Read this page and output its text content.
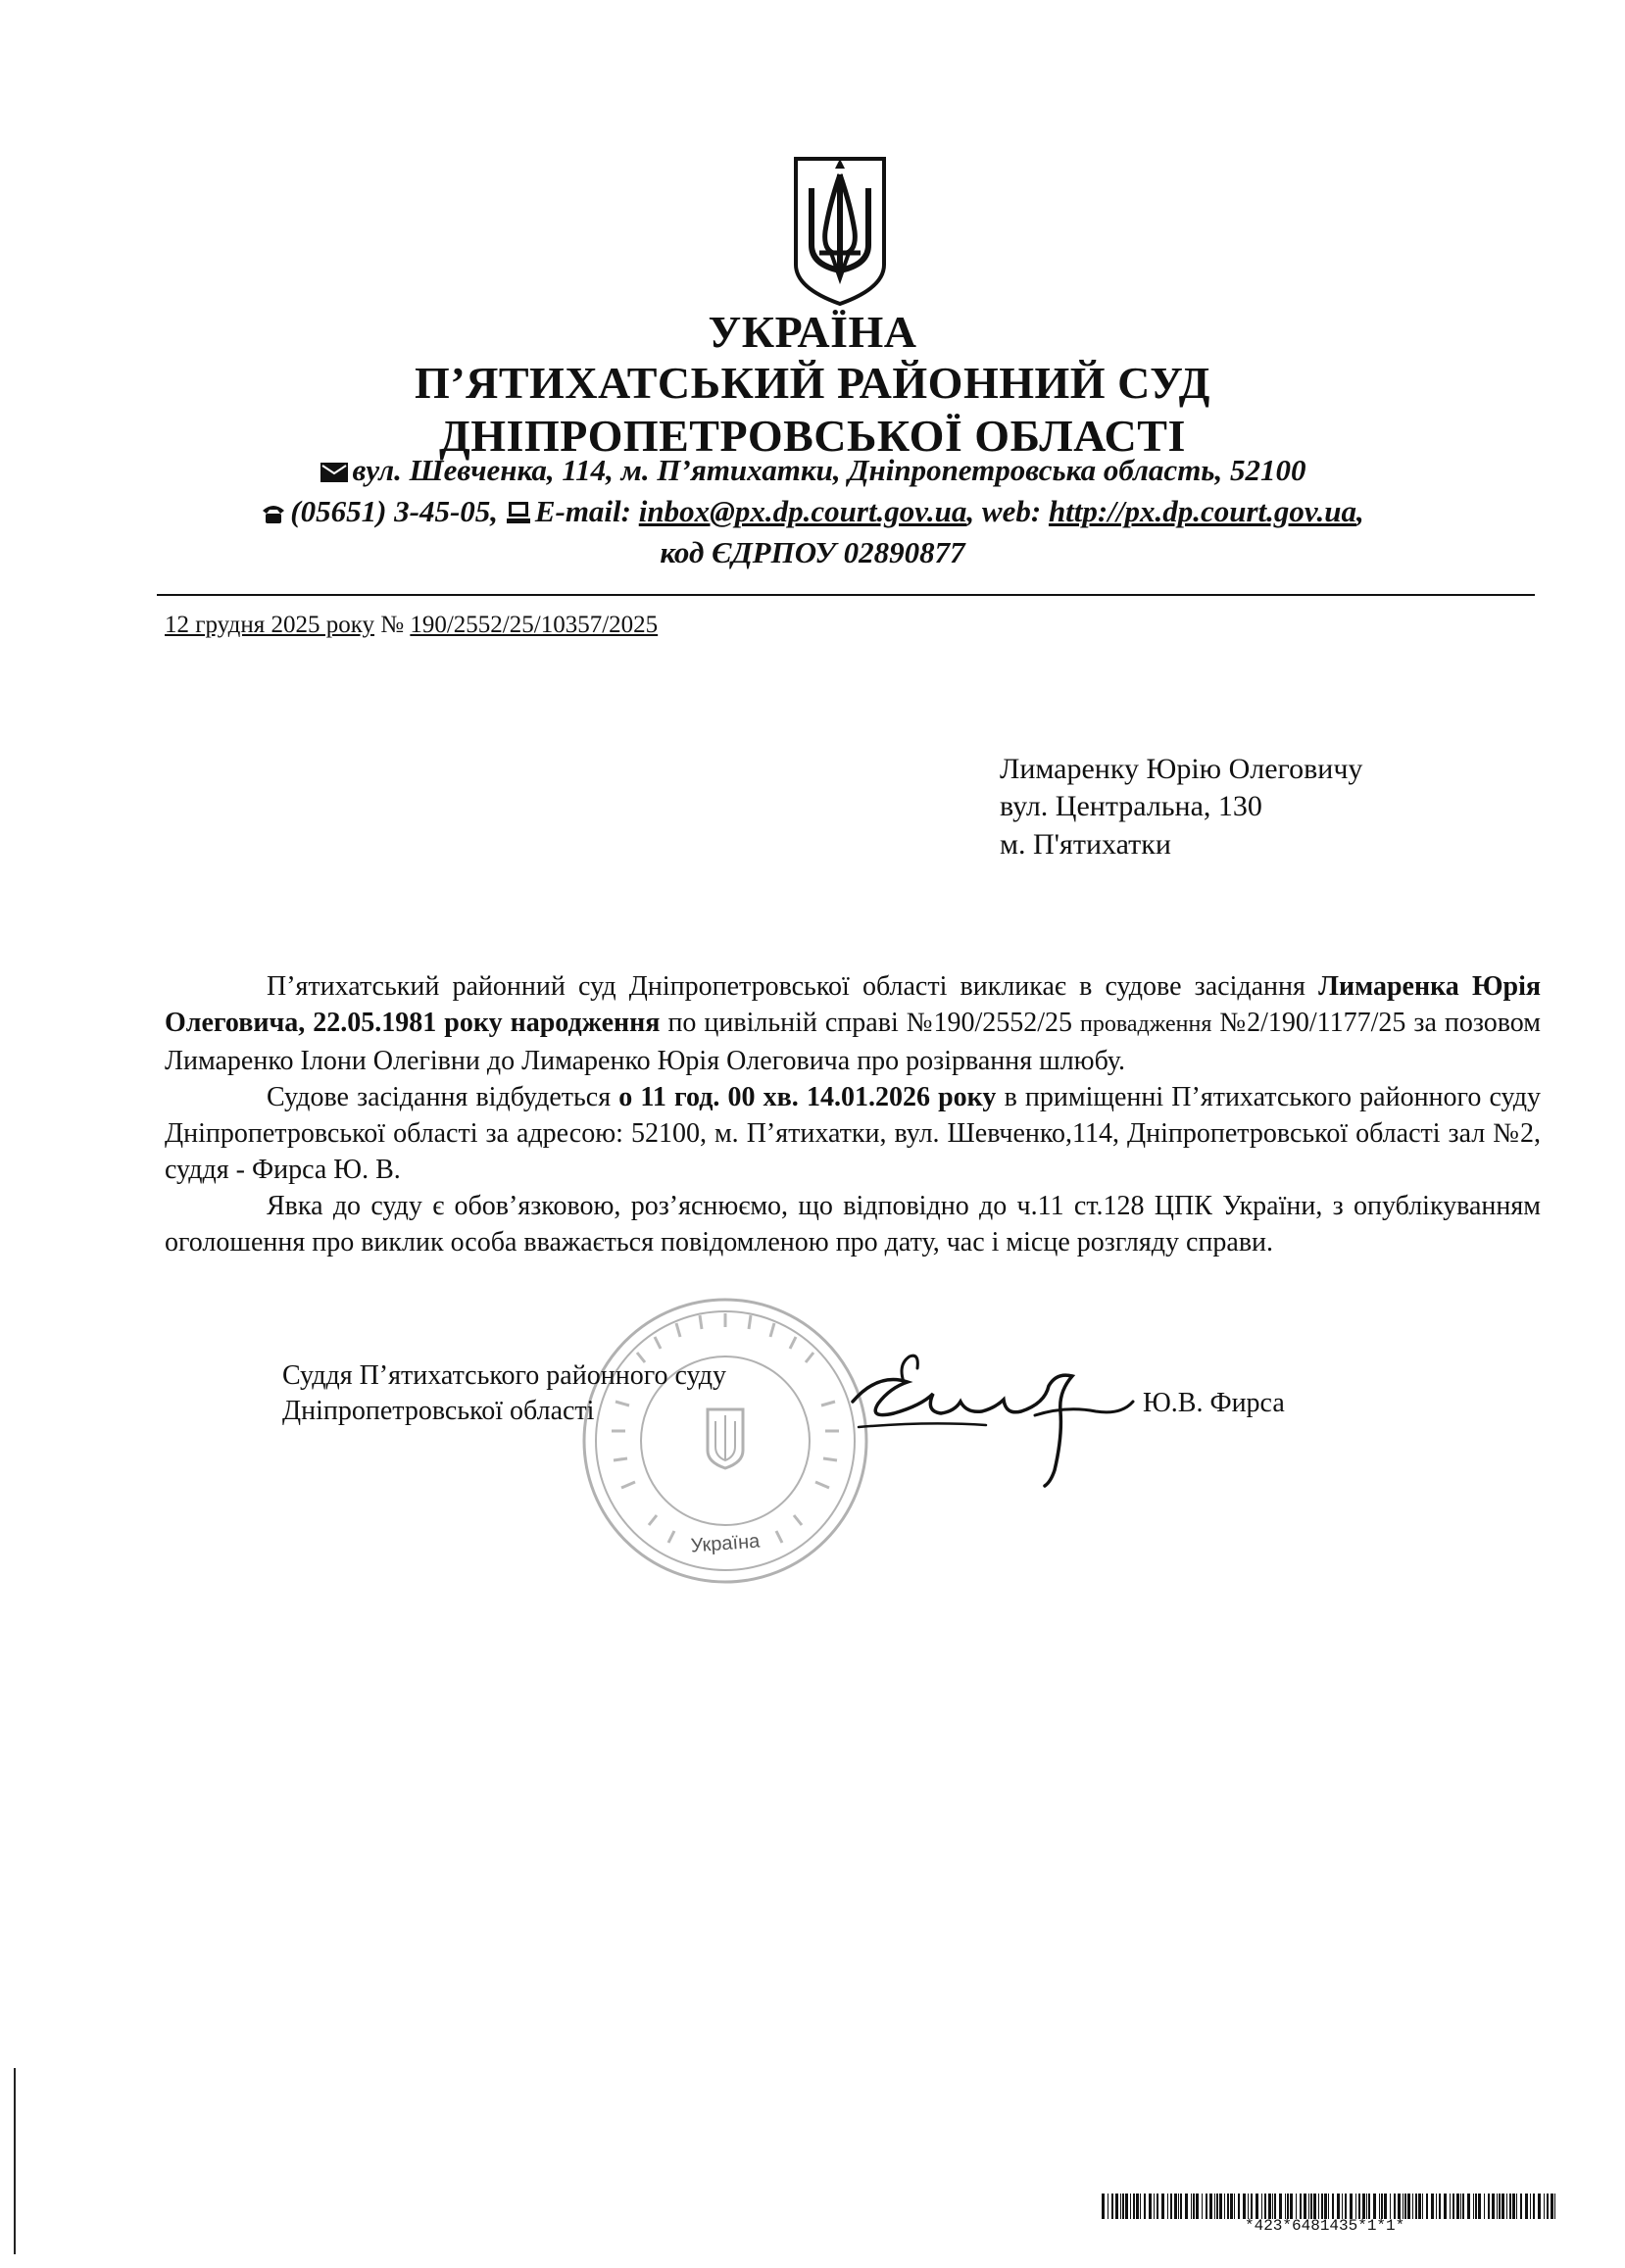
УКРАЇНА
П’ЯТИХАТСЬКИЙ РАЙОННИЙ СУД
ДНІПРОПЕТРОВСЬКОЇ ОБЛАСТІ
вул. Шевченка, 114, м. П’ятихатки, Дніпропетровська область, 52100
(05651) 3-45-05, E-mail: inbox@px.dp.court.gov.ua, web: http://px.dp.court.gov.ua,
код ЄДРПОУ 02890877
12 грудня 2025 року № 190/2552/25/10357/2025
Лимаренку Юрію Олеговичу
вул. Центральна, 130
м. П'ятихатки

П’ятихатський районний суд Дніпропетровської області викликає в судове засідання Лимаренка Юрія Олеговича, 22.05.1981 року народження по цивільній справі №190/2552/25 провадження №2/190/1177/25 за позовом Лимаренко Ілони Олегівни до Лимаренко Юрія Олеговича про розірвання шлюбу.

Судове засідання відбудеться о 11 год. 00 хв. 14.01.2026 року в приміщенні П’ятихатського районного суду Дніпропетровської області за адресою: 52100, м. П’ятихатки, вул. Шевченко,114, Дніпропетровської області зал №2, суддя - Фирса Ю. В.

Явка до суду є обов’язковою, роз’яснюємо, що відповідно до ч.11 ст.128 ЦПК України, з опублікуванням оголошення про виклик особа вважається повідомленою про дату, час і місце розгляду справи.

Україна
Суддя П’ятихатського районного суду
Дніпропетровської області	Ю.В. Фирса
*423*6481435*1*1*
